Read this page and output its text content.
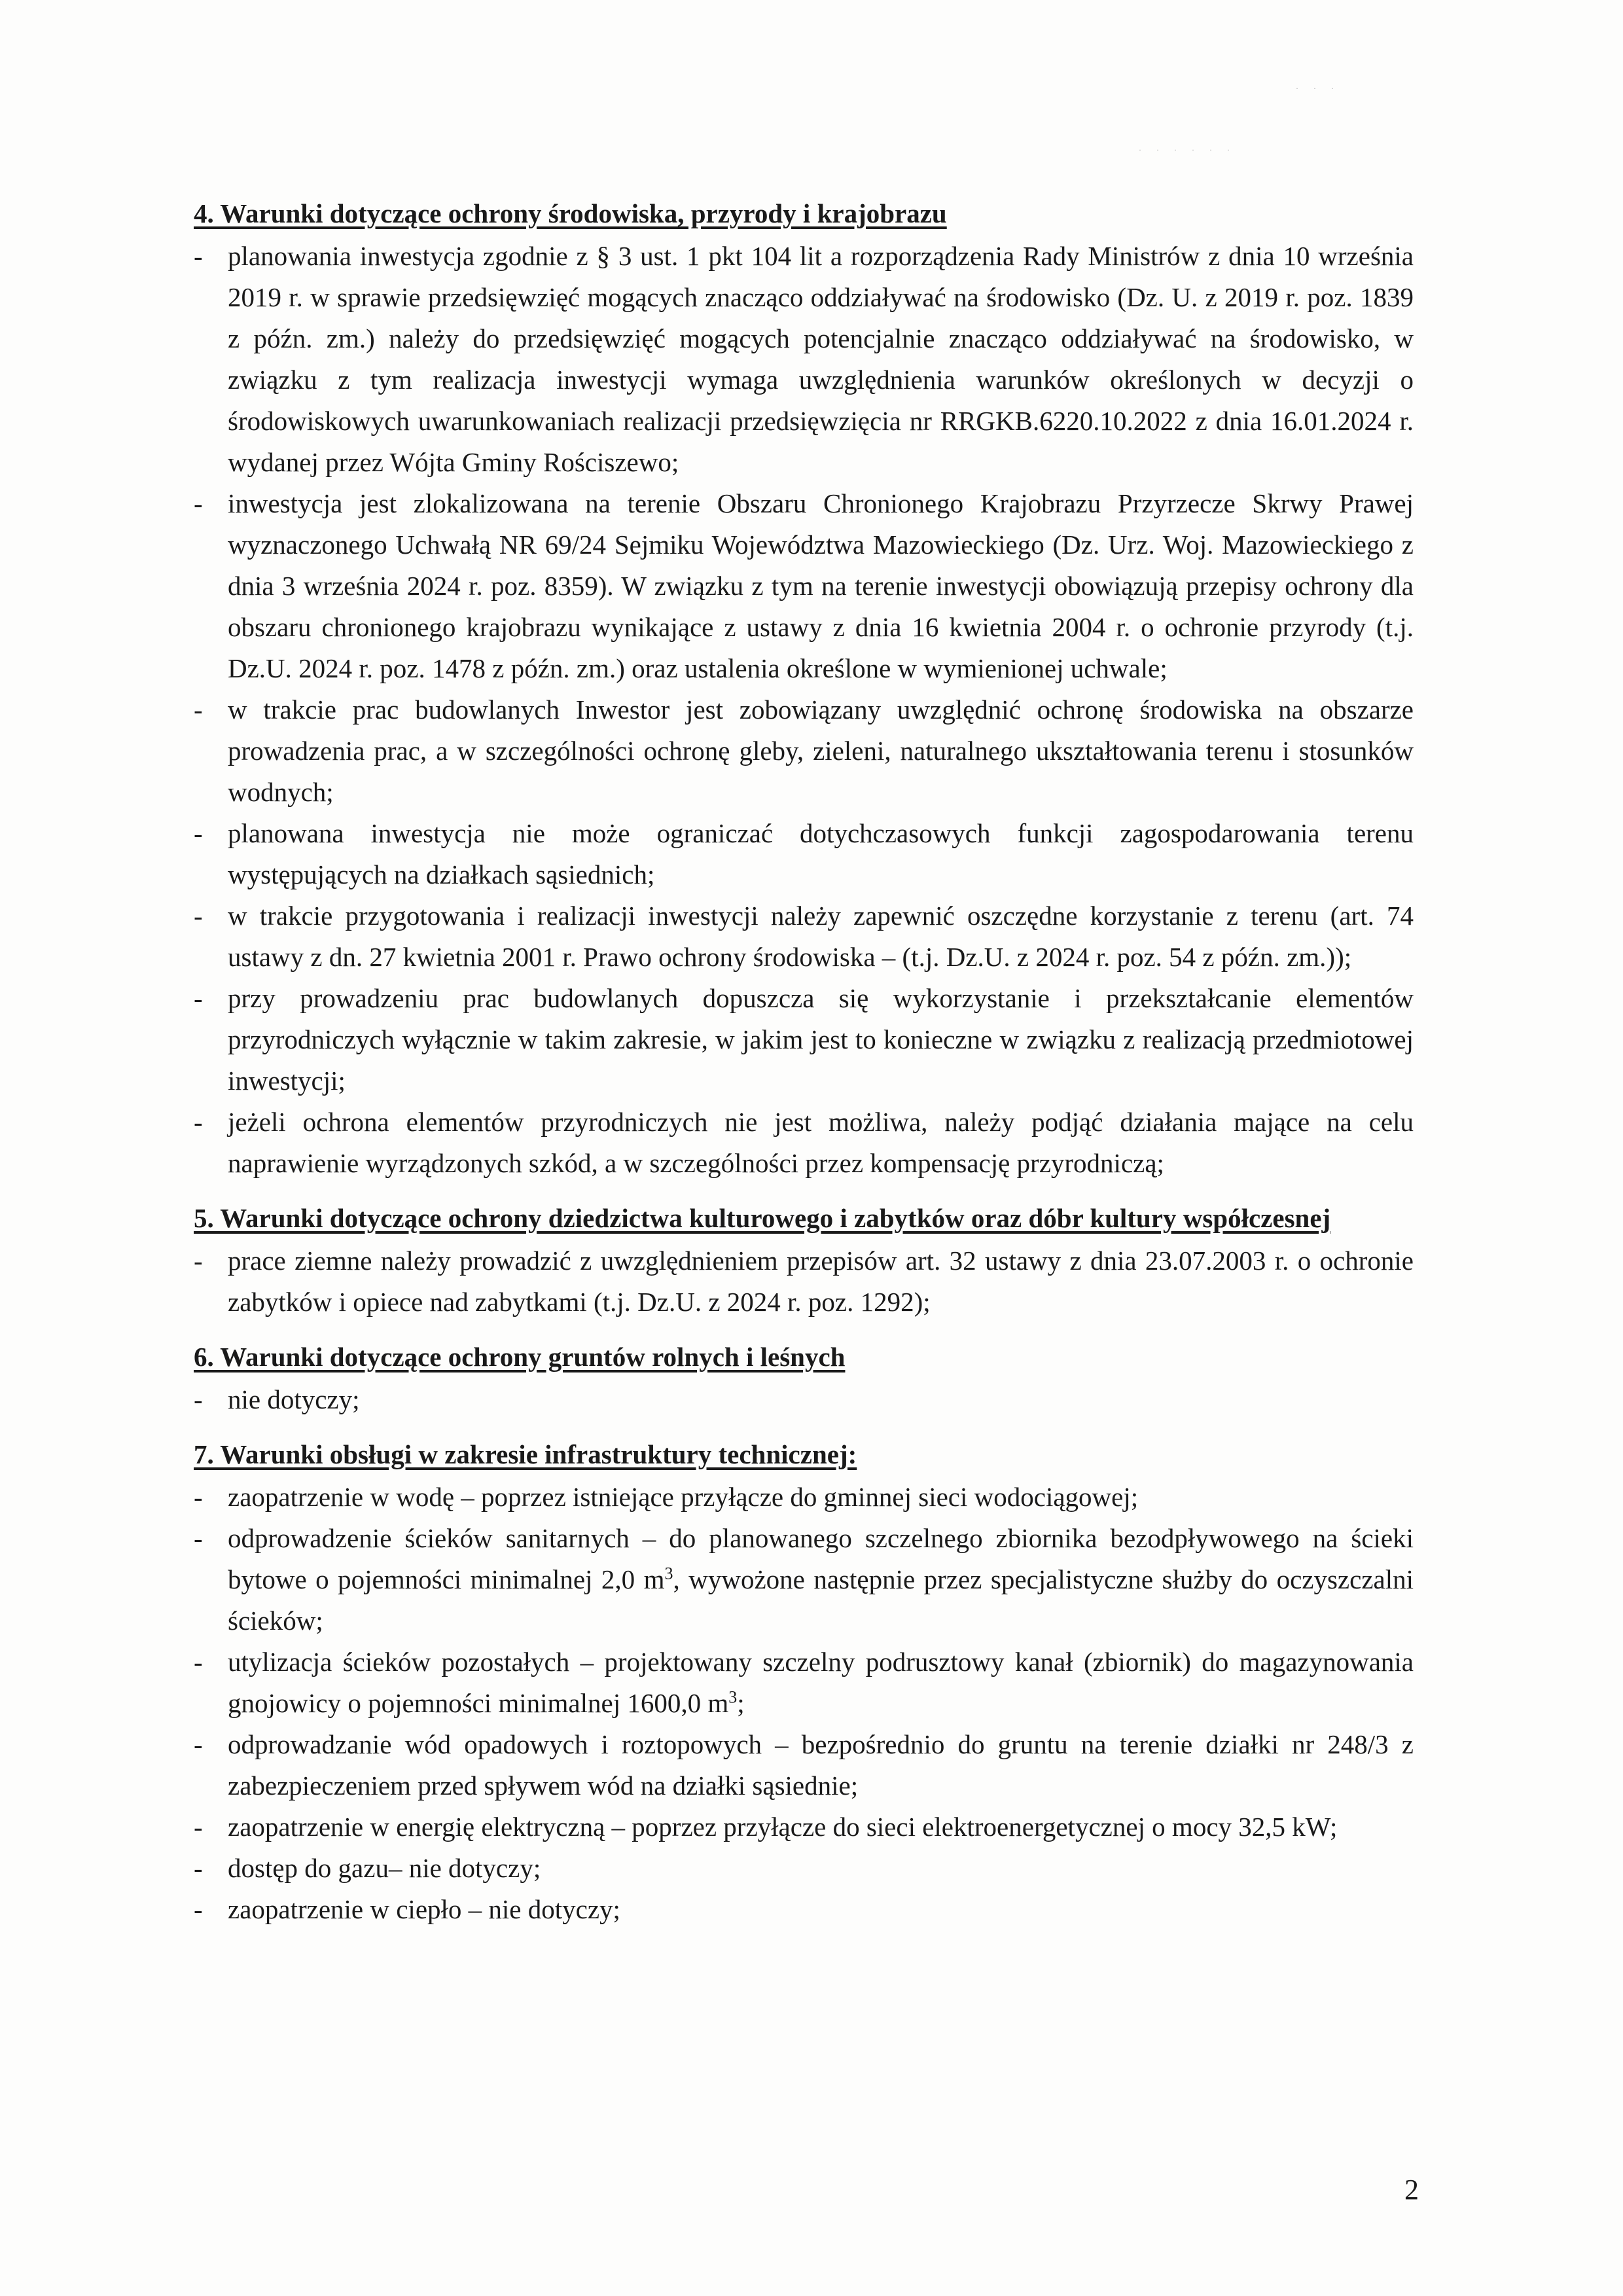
· · ·
· · · · · ·
4. Warunki dotyczące ochrony środowiska, przyrody i krajobrazu
- planowania inwestycja zgodnie z § 3 ust. 1 pkt 104 lit a rozporządzenia Rady Ministrów z dnia 10 września 2019 r. w sprawie przedsięwzięć mogących znacząco oddziaływać na środowisko (Dz. U. z 2019 r. poz. 1839 z późn. zm.) należy do przedsięwzięć mogących potencjalnie znacząco oddziaływać na środowisko, w związku z tym realizacja inwestycji wymaga uwzględnienia warunków określonych w decyzji o środowiskowych uwarunkowaniach realizacji przedsięwzięcia nr RRGKB.6220.10.2022 z dnia 16.01.2024 r. wydanej przez Wójta Gminy Rościszewo;
- inwestycja jest zlokalizowana na terenie Obszaru Chronionego Krajobrazu Przyrzecze Skrwy Prawej wyznaczonego Uchwałą NR 69/24 Sejmiku Województwa Mazowieckiego (Dz. Urz. Woj. Mazowieckiego z dnia 3 września 2024 r. poz. 8359). W związku z tym na terenie inwestycji obowiązują przepisy ochrony dla obszaru chronionego krajobrazu wynikające z ustawy z dnia 16 kwietnia 2004 r. o ochronie przyrody (t.j. Dz.U. 2024 r. poz. 1478 z późn. zm.) oraz ustalenia określone w wymienionej uchwale;
- w trakcie prac budowlanych Inwestor jest zobowiązany uwzględnić ochronę środowiska na obszarze prowadzenia prac, a w szczególności ochronę gleby, zieleni, naturalnego ukształtowania terenu i stosunków wodnych;
- planowana inwestycja nie może ograniczać dotychczasowych funkcji zagospodarowania terenu występujących na działkach sąsiednich;
- w trakcie przygotowania i realizacji inwestycji należy zapewnić oszczędne korzystanie z terenu (art. 74 ustawy z dn. 27 kwietnia 2001 r. Prawo ochrony środowiska – (t.j. Dz.U. z 2024 r. poz. 54 z późn. zm.));
- przy prowadzeniu prac budowlanych dopuszcza się wykorzystanie i przekształcanie elementów przyrodniczych wyłącznie w takim zakresie, w jakim jest to konieczne w związku z realizacją przedmiotowej inwestycji;
- jeżeli ochrona elementów przyrodniczych nie jest możliwa, należy podjąć działania mające na celu naprawienie wyrządzonych szkód, a w szczególności przez kompensację przyrodniczą;
5. Warunki dotyczące ochrony dziedzictwa kulturowego i zabytków oraz dóbr kultury współczesnej
- prace ziemne należy prowadzić z uwzględnieniem przepisów art. 32 ustawy z dnia 23.07.2003 r. o ochronie zabytków i opiece nad zabytkami (t.j. Dz.U. z 2024 r. poz. 1292);
6. Warunki dotyczące ochrony gruntów rolnych i leśnych
- nie dotyczy;
7. Warunki obsługi w zakresie infrastruktury technicznej:
- zaopatrzenie w wodę – poprzez istniejące przyłącze do gminnej sieci wodociągowej;
- odprowadzenie ścieków sanitarnych – do planowanego szczelnego zbiornika bezodpływowego na ścieki bytowe o pojemności minimalnej 2,0 $m^3$, wywożone następnie przez specjalistyczne służby do oczyszczalni ścieków;
- utylizacja ścieków pozostałych – projektowany szczelny podrusztowy kanał (zbiornik) do magazynowania gnojowicy o pojemności minimalnej 1600,0 $m^3$;
- odprowadzanie wód opadowych i roztopowych – bezpośrednio do gruntu na terenie działki nr 248/3 z zabezpieczeniem przed spływem wód na działki sąsiednie;
- zaopatrzenie w energię elektryczną – poprzez przyłącze do sieci elektroenergetycznej o mocy 32,5 kW;
- dostęp do gazu– nie dotyczy;
- zaopatrzenie w ciepło – nie dotyczy;
2
